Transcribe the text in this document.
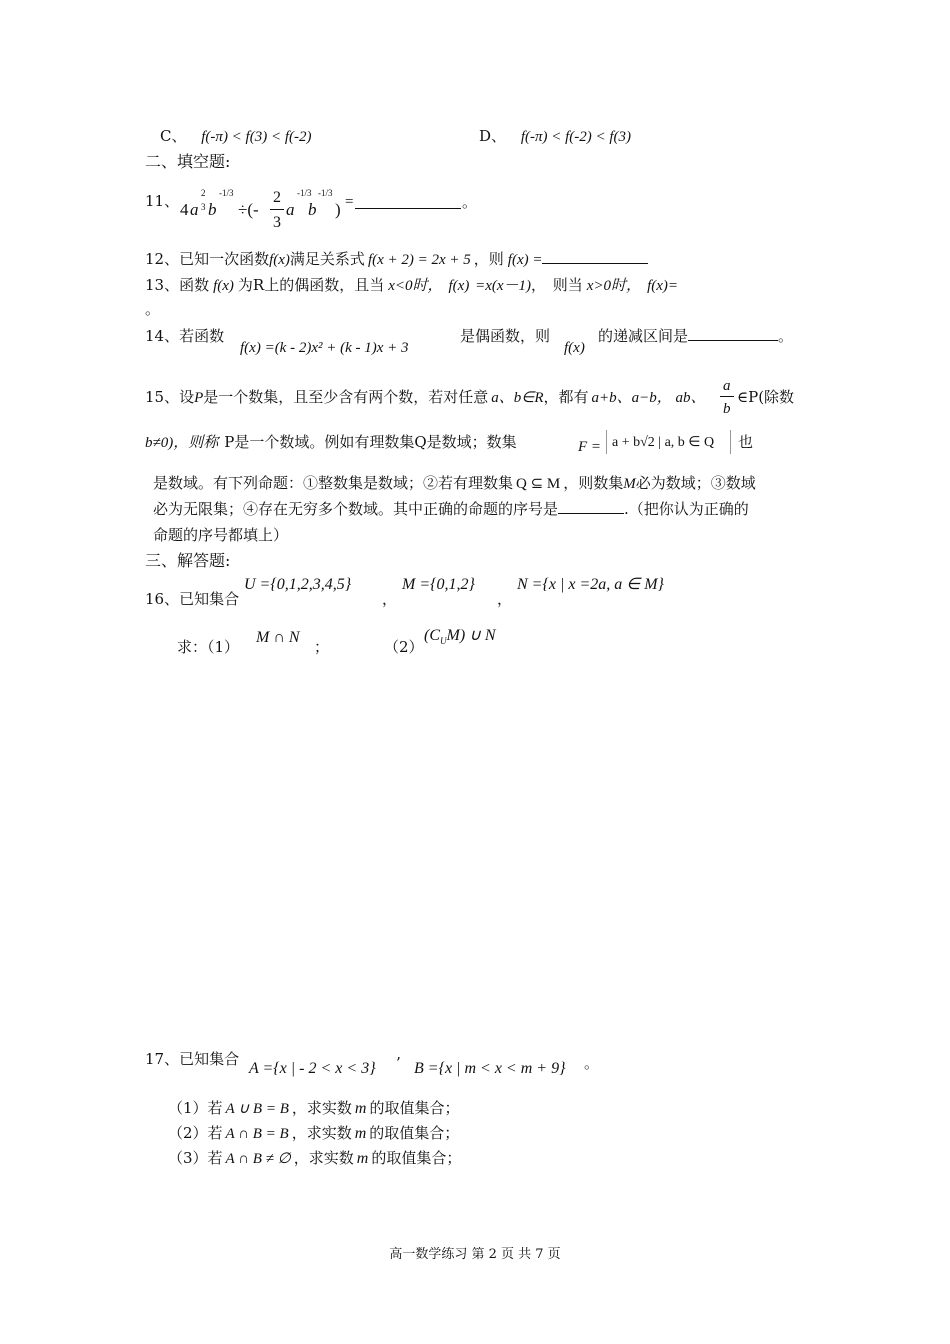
C、 f(-π) < f(3) < f(-2)	D、 f(-π) < f(-2) < f(3)
二、填空题:
11、 4 a
2
3 b
-1/3
÷(-
2
3
a
-1/3
b
-1/3
) =	。
12、已知一次函数f(x)满足关系式 f(x + 2) = 2x + 5 ，则 f(x) =
13、函数 f(x) 为R上的偶函数，且当 x<0时， f(x) =x(x－1)， 则当 x>0时， f(x)=
。
14、若函数
f(x) =(k - 2)x² + (k - 1)x + 3
是偶函数，则
f(x)
的递减区间是	。
15、设P是一个数集，且至少含有两个数，若对任意 a、b∈R，都有 a+b、a−b， ab、
a
b
∈P(除数
b≠0)，则称 P是一个数域。例如有理数集Q是数域；数集	F = a + b√2 | a, b ∈ Q 也
是数域。有下列命题：①整数集是数域；②若有理数集 Q ⊆ M ，则数集M必为数域；③数域
必为无限集；④存在无穷多个数域。其中正确的命题的序号是	.（把你认为正确的
命题的序号都填上）
三、解答题:
16、已知集合
U ={0,1,2,3,4,5}
，
M ={0,1,2}
，
N ={x | x =2a, a ∈ M}
求：（1）
M ∩ N
；	（2）
$(C_UM)$ ∪ N
17、已知集合
A ={x | - 2 < x < 3} ’ B ={x | m < x < m + 9} 。
（1）若 A ∪ B = B ，求实数 m 的取值集合；
（2）若 A ∩ B = B ，求实数 m 的取值集合；
（3）若 A ∩ B ≠ ∅ ，求实数 m 的取值集合；
高一数学练习 第 2 页 共 7 页
